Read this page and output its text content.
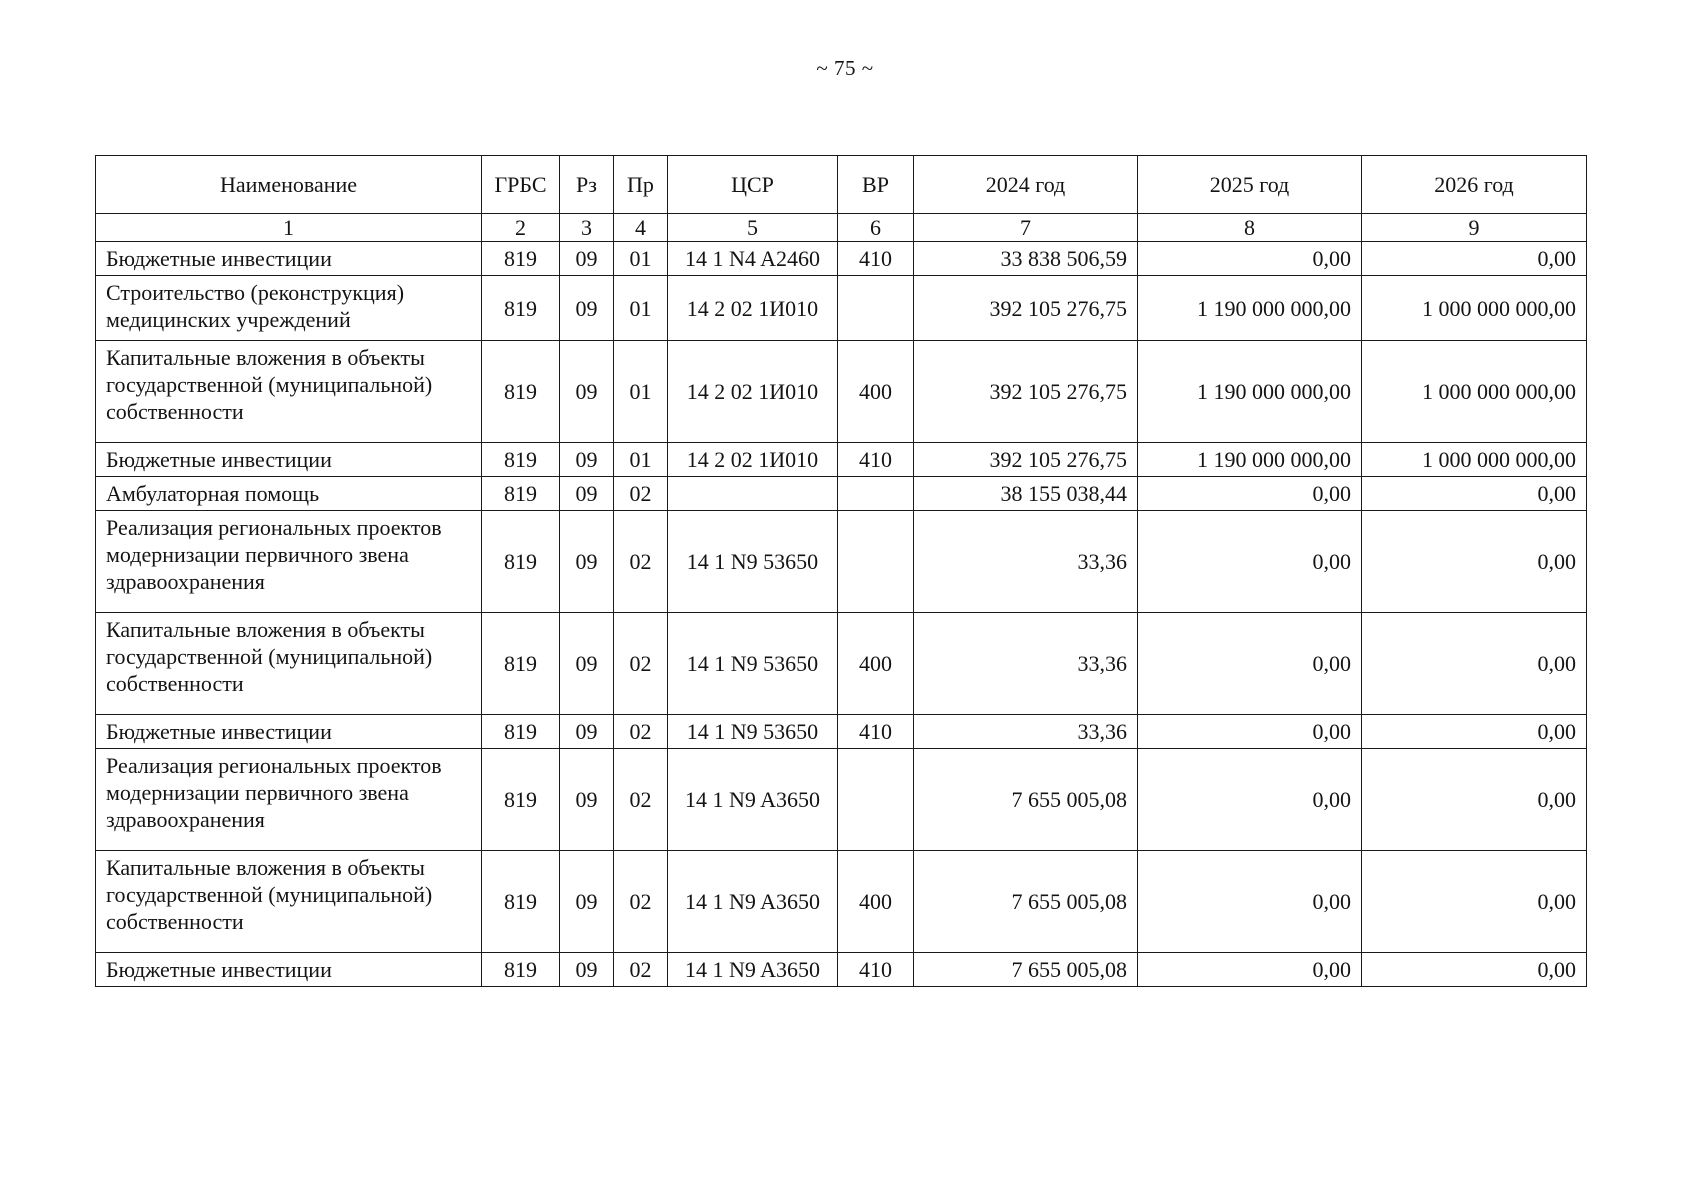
~ 75 ~
Наименование	ГРБС	Рз	Пр	ЦСР	ВР	2024 год	2025 год	2026 год
1	2	3	4	5	6	7	8	9
Бюджетные инвестиции	819	09	01	14 1 N4 A2460	410	33 838 506,59	0,00	0,00
Строительство (реконструкция) медицинских учреждений	819	09	01	14 2 02 1И010		392 105 276,75	1 190 000 000,00	1 000 000 000,00
Капитальные вложения в объекты государственной (муниципальной) собственности	819	09	01	14 2 02 1И010	400	392 105 276,75	1 190 000 000,00	1 000 000 000,00
Бюджетные инвестиции	819	09	01	14 2 02 1И010	410	392 105 276,75	1 190 000 000,00	1 000 000 000,00
Амбулаторная помощь	819	09	02			38 155 038,44	0,00	0,00
Реализация региональных проектов модернизации первичного звена здравоохранения	819	09	02	14 1 N9 53650		33,36	0,00	0,00
Капитальные вложения в объекты государственной (муниципальной) собственности	819	09	02	14 1 N9 53650	400	33,36	0,00	0,00
Бюджетные инвестиции	819	09	02	14 1 N9 53650	410	33,36	0,00	0,00
Реализация региональных проектов модернизации первичного звена здравоохранения	819	09	02	14 1 N9 A3650		7 655 005,08	0,00	0,00
Капитальные вложения в объекты государственной (муниципальной) собственности	819	09	02	14 1 N9 A3650	400	7 655 005,08	0,00	0,00
Бюджетные инвестиции	819	09	02	14 1 N9 A3650	410	7 655 005,08	0,00	0,00
